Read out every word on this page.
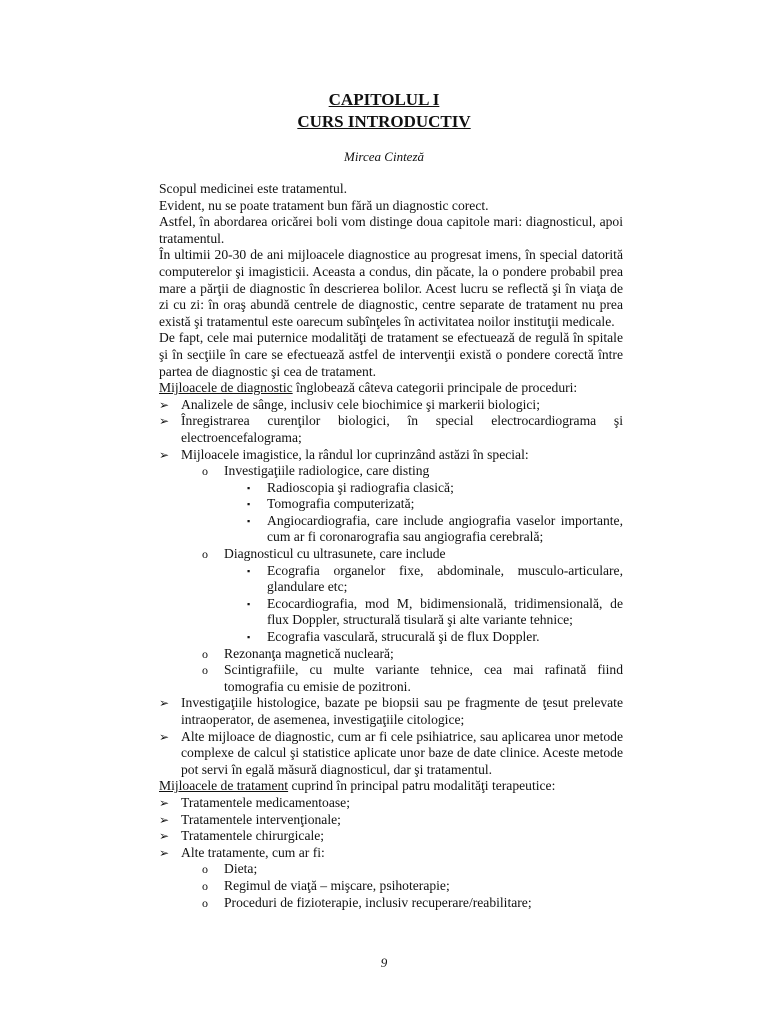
CAPITOLUL I
CURS INTRODUCTIV
Mircea Cinteză

Scopul medicinei este tratamentul.

Evident, nu se poate tratament bun fără un diagnostic corect.

Astfel, în abordarea oricărei boli vom distinge doua capitole mari: diagnosticul, apoi tratamentul.

În ultimii 20-30 de ani mijloacele diagnostice au progresat imens, în special datorită computerelor şi imagisticii. Aceasta a condus, din păcate, la o pondere probabil prea mare a părţii de diagnostic în descrierea bolilor. Acest lucru se reflectă şi în viaţa de zi cu zi: în oraş abundă centrele de diagnostic, centre separate de tratament nu prea există şi tratamentul este oarecum subînţeles în activitatea noilor instituţii medicale.

De fapt, cele mai puternice modalităţi de tratament se efectuează de regulă în spitale şi în secţiile în care se efectuează astfel de intervenţii există o pondere corectă între partea de diagnostic şi cea de tratament.

Mijloacele de diagnostic înglobează câteva categorii principale de proceduri:

➢ Analizele de sânge, inclusiv cele biochimice şi markerii biologici;
➢ Înregistrarea curenţilor biologici, în special electrocardiograma şi electroencefalograma;
➢ Mijloacele imagistice, la rândul lor cuprinzând astăzi în special:
o Investigaţiile radiologice, care disting
▪ Radioscopia şi radiografia clasică;
▪ Tomografia computerizată;
▪ Angiocardiografia, care include angiografia vaselor importante, cum ar fi coronarografia sau angiografia cerebrală;
o Diagnosticul cu ultrasunete, care include
▪ Ecografia organelor fixe, abdominale, musculo-articulare, glandulare etc;
▪ Ecocardiografia, mod M, bidimensională, tridimensională, de flux Doppler, structurală tisulară şi alte variante tehnice;
▪ Ecografia vasculară, strucurală şi de flux Doppler.
o Rezonanţa magnetică nucleară;
o Scintigrafiile, cu multe variante tehnice, cea mai rafinată fiind tomografia cu emisie de pozitroni.
➢ Investigaţiile histologice, bazate pe biopsii sau pe fragmente de ţesut prelevate intraoperator, de asemenea, investigaţiile citologice;
➢ Alte mijloace de diagnostic, cum ar fi cele psihiatrice, sau aplicarea unor metode complexe de calcul şi statistice aplicate unor baze de date clinice. Aceste metode pot servi în egală măsură diagnosticul, dar şi tratamentul.

Mijloacele de tratament cuprind în principal patru modalităţi terapeutice:

➢ Tratamentele medicamentoase;
➢ Tratamentele intervenţionale;
➢ Tratamentele chirurgicale;
➢ Alte tratamente, cum ar fi:
o Dieta;
o Regimul de viaţă – mişcare, psihoterapie;
o Proceduri de fizioterapie, inclusiv recuperare/reabilitare;
9
